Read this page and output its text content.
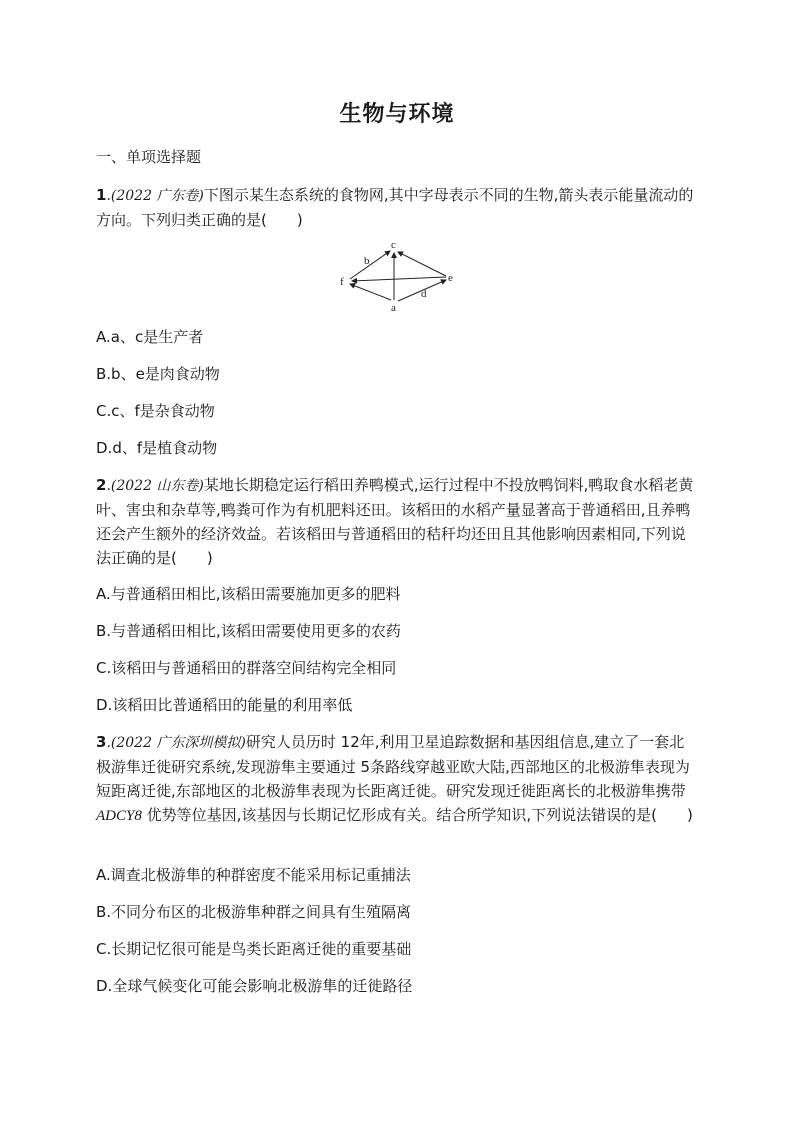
生物与环境
一、单项选择题

1.(2022 广东卷)下图示某生态系统的食物网,其中字母表示不同的生物,箭头表示能量流动的方向。下列归类正确的是(　　)

c
b
f	e
d
a
A.a、c是生产者
B.b、e是肉食动物
C.c、f是杂食动物
D.d、f是植食动物

2.(2022 山东卷)某地长期稳定运行稻田养鸭模式,运行过程中不投放鸭饲料,鸭取食水稻老黄叶、害虫和杂草等,鸭粪可作为有机肥料还田。该稻田的水稻产量显著高于普通稻田,且养鸭还会产生额外的经济效益。若该稻田与普通稻田的秸秆均还田且其他影响因素相同,下列说法正确的是(　　)

A.与普通稻田相比,该稻田需要施加更多的肥料
B.与普通稻田相比,该稻田需要使用更多的农药
C.该稻田与普通稻田的群落空间结构完全相同
D.该稻田比普通稻田的能量的利用率低

3.(2022 广东深圳模拟)研究人员历时 12年,利用卫星追踪数据和基因组信息,建立了一套北极游隼迁徙研究系统,发现游隼主要通过 5条路线穿越亚欧大陆,西部地区的北极游隼表现为短距离迁徙,东部地区的北极游隼表现为长距离迁徙。研究发现迁徙距离长的北极游隼携带 ADCY8 优势等位基因,该基因与长期记忆形成有关。结合所学知识,下列说法错误的是(　　)

A.调查北极游隼的种群密度不能采用标记重捕法
B.不同分布区的北极游隼种群之间具有生殖隔离
C.长期记忆很可能是鸟类长距离迁徙的重要基础
D.全球气候变化可能会影响北极游隼的迁徙路径
